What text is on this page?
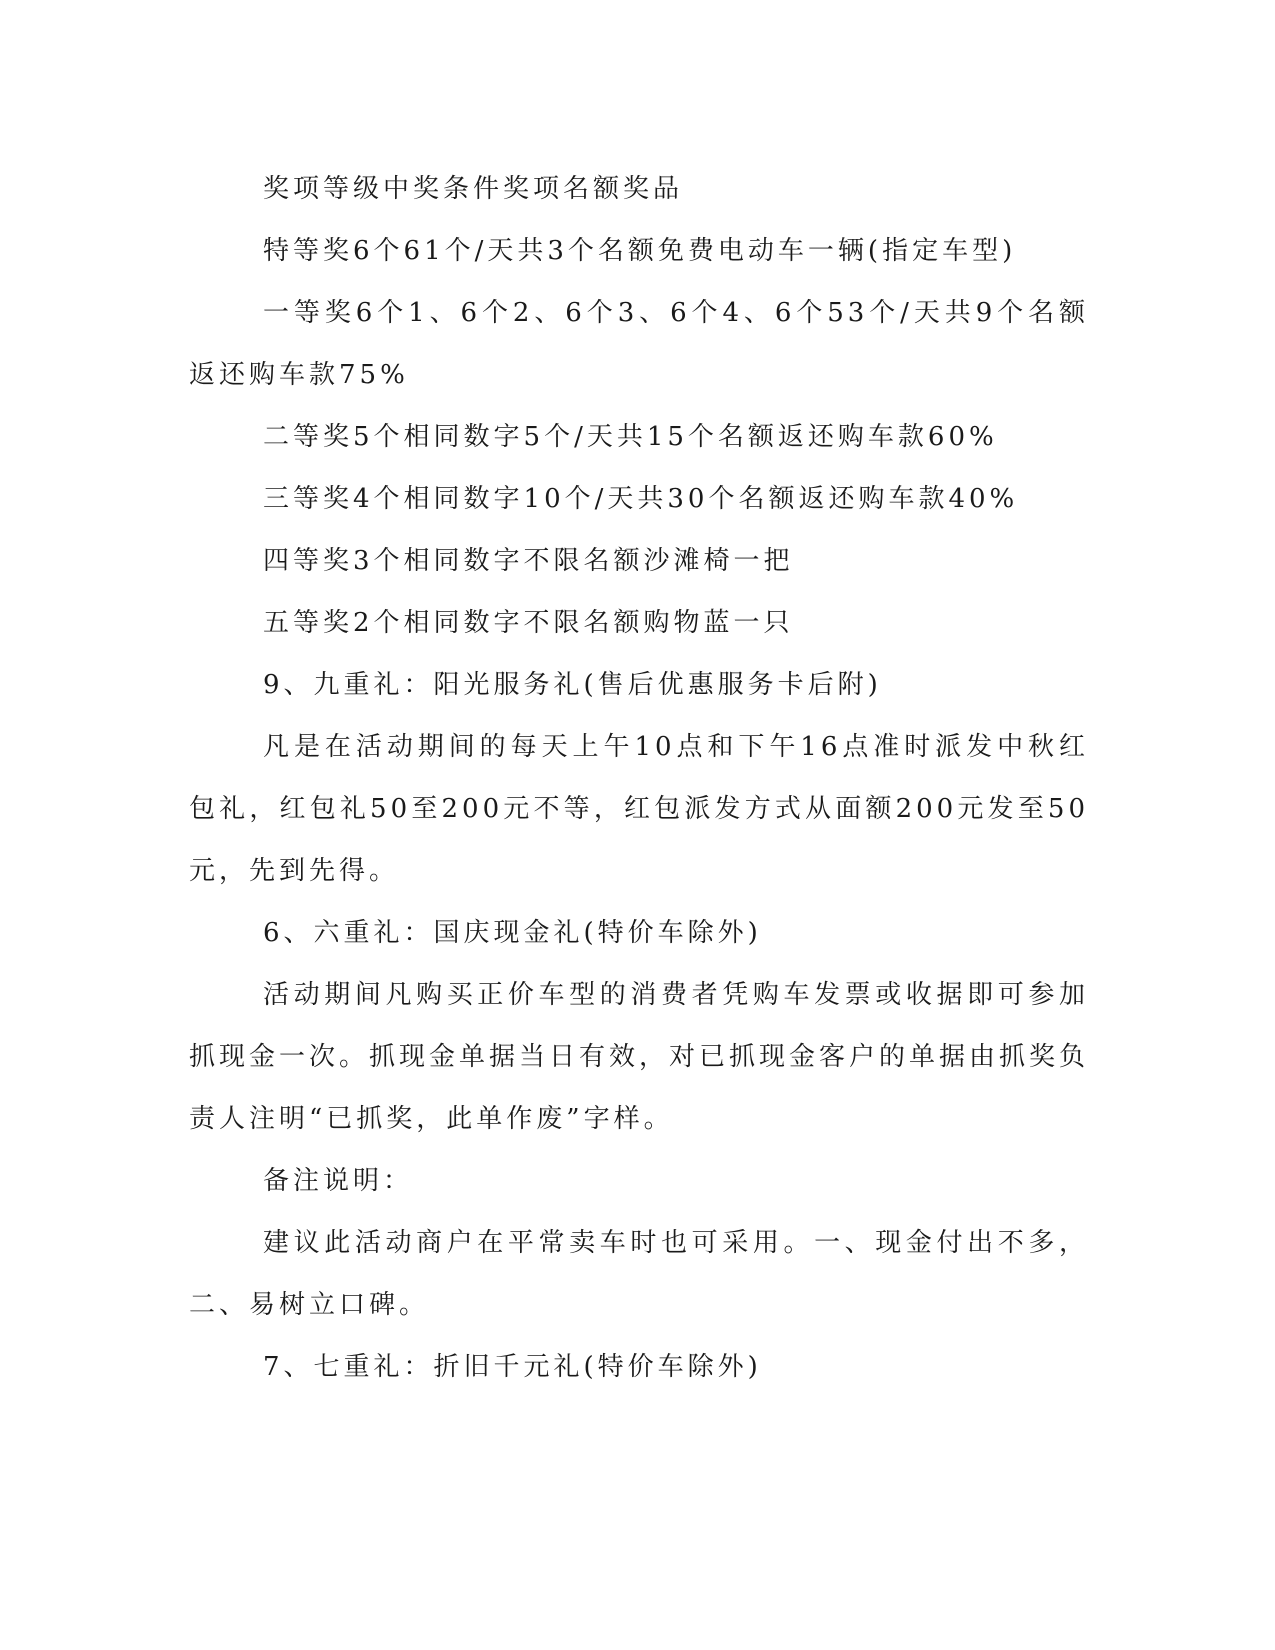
奖项等级中奖条件奖项名额奖品

特等奖6个61个/天共3个名额免费电动车一辆(指定车型)

一等奖6个1、6个2、6个3、6个4、6个53个/天共9个名额返还购车款75%

二等奖5个相同数字5个/天共15个名额返还购车款60%

三等奖4个相同数字10个/天共30个名额返还购车款40%

四等奖3个相同数字不限名额沙滩椅一把

五等奖2个相同数字不限名额购物蓝一只

9、九重礼：阳光服务礼(售后优惠服务卡后附)

凡是在活动期间的每天上午10点和下午16点准时派发中秋红包礼，红包礼50至200元不等，红包派发方式从面额200元发至50元，先到先得。

6、六重礼：国庆现金礼(特价车除外)

活动期间凡购买正价车型的消费者凭购车发票或收据即可参加抓现金一次。抓现金单据当日有效，对已抓现金客户的单据由抓奖负责人注明“已抓奖，此单作废”字样。

备注说明：

建议此活动商户在平常卖车时也可采用。一、现金付出不多，二、易树立口碑。

7、七重礼：折旧千元礼(特价车除外)
